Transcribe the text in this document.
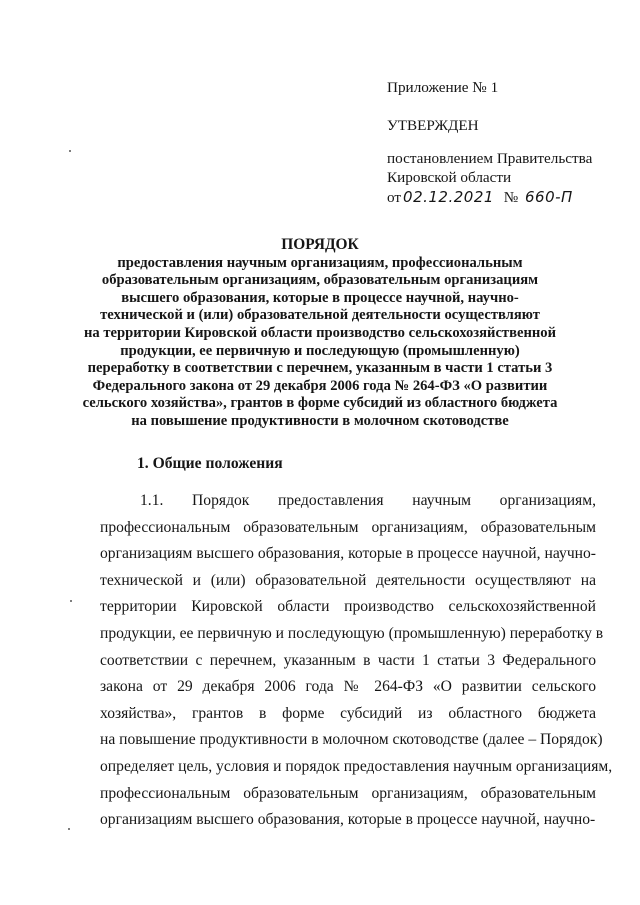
Приложение № 1
УТВЕРЖДЕН
постановлением Правительства
Кировской области
от 02.12.2021 № 660-П
ПОРЯДОК
предоставления научным организациям, профессиональным
образовательным организациям, образовательным организациям
высшего образования, которые в процессе научной, научно-
технической и (или) образовательной деятельности осуществляют
на территории Кировской области производство сельскохозяйственной
продукции, ее первичную и последующую (промышленную)
переработку в соответствии с перечнем, указанным в части 1 статьи 3
Федерального закона от 29 декабря 2006 года № 264-ФЗ «О развитии
сельского хозяйства», грантов в форме субсидий из областного бюджета
на повышение продуктивности в молочном скотоводстве
1. Общие положения
1.1. Порядок предоставления научным организациям,
профессиональным образовательным организациям, образовательным
организациям высшего образования, которые в процессе научной, научно-
технической и (или) образовательной деятельности осуществляют на
территории Кировской области производство сельскохозяйственной
продукции, ее первичную и последующую (промышленную) переработку в
соответствии с перечнем, указанным в части 1 статьи 3 Федерального
закона от 29 декабря 2006 года № 264-ФЗ «О развитии сельского
хозяйства», грантов в форме субсидий из областного бюджета
на повышение продуктивности в молочном скотоводстве (далее – Порядок)
определяет цель, условия и порядок предоставления научным организациям,
профессиональным образовательным организациям, образовательным
организациям высшего образования, которые в процессе научной, научно-
